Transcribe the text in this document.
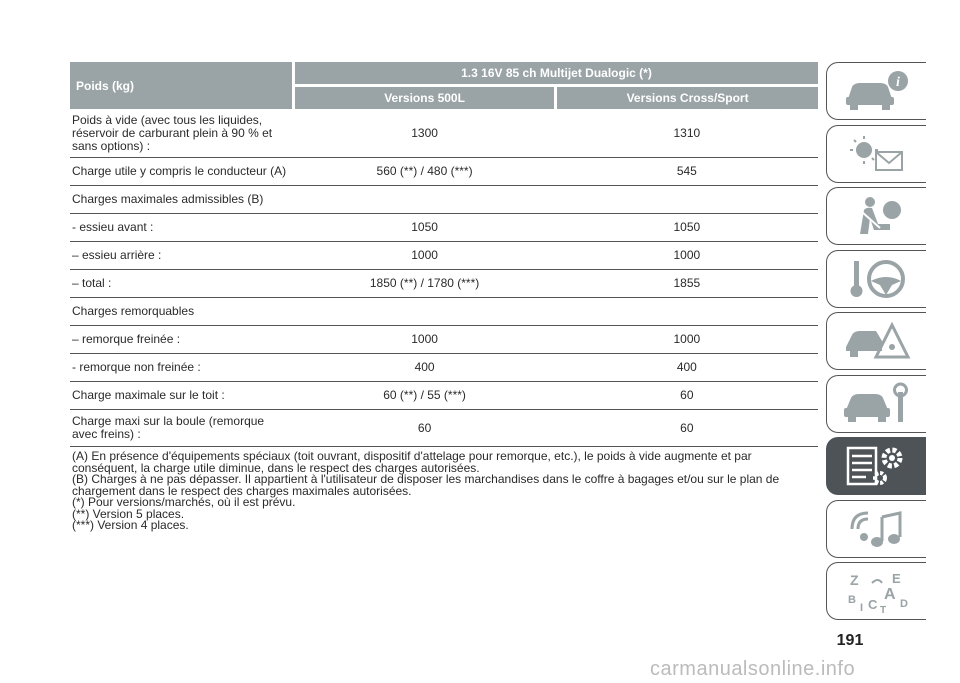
Poids (kg)	1.3 16V 85 ch Multijet Dualogic (*)	
	Versions 500L	Versions Cross/Sport
Poids à vide (avec tous les liquides, réservoir de carburant plein à 90 % et sans options) :	1300	1310
Charge utile y compris le conducteur (A)	560 (**) / 480 (***)	545
Charges maximales admissibles (B)		
- essieu avant :	1050	1050
– essieu arrière :	1000	1000
– total :	1850 (**) / 1780 (***)	1855
Charges remorquables		
– remorque freinée :	1000	1000
- remorque non freinée :	400	400
Charge maximale sur le toit :	60 (**) / 55 (***)	60
Charge maxi sur la boule (remorque avec freins) :	60	60

(A) En présence d'équipements spéciaux (toit ouvrant, dispositif d'attelage pour remorque, etc.), le poids à vide augmente et par conséquent, la charge utile diminue, dans le respect des charges autorisées.

(B) Charges à ne pas dépasser. Il appartient à l'utilisateur de disposer les marchandises dans le coffre à bagages et/ou sur le plan de chargement dans le respect des charges maximales autorisées.

(*) Pour versions/marchés, où il est prévu.

(**) Version 5 places.

(***) Version 4 places.

i
Z	E
B A
I C D
T
191
carmanualsonline.info
